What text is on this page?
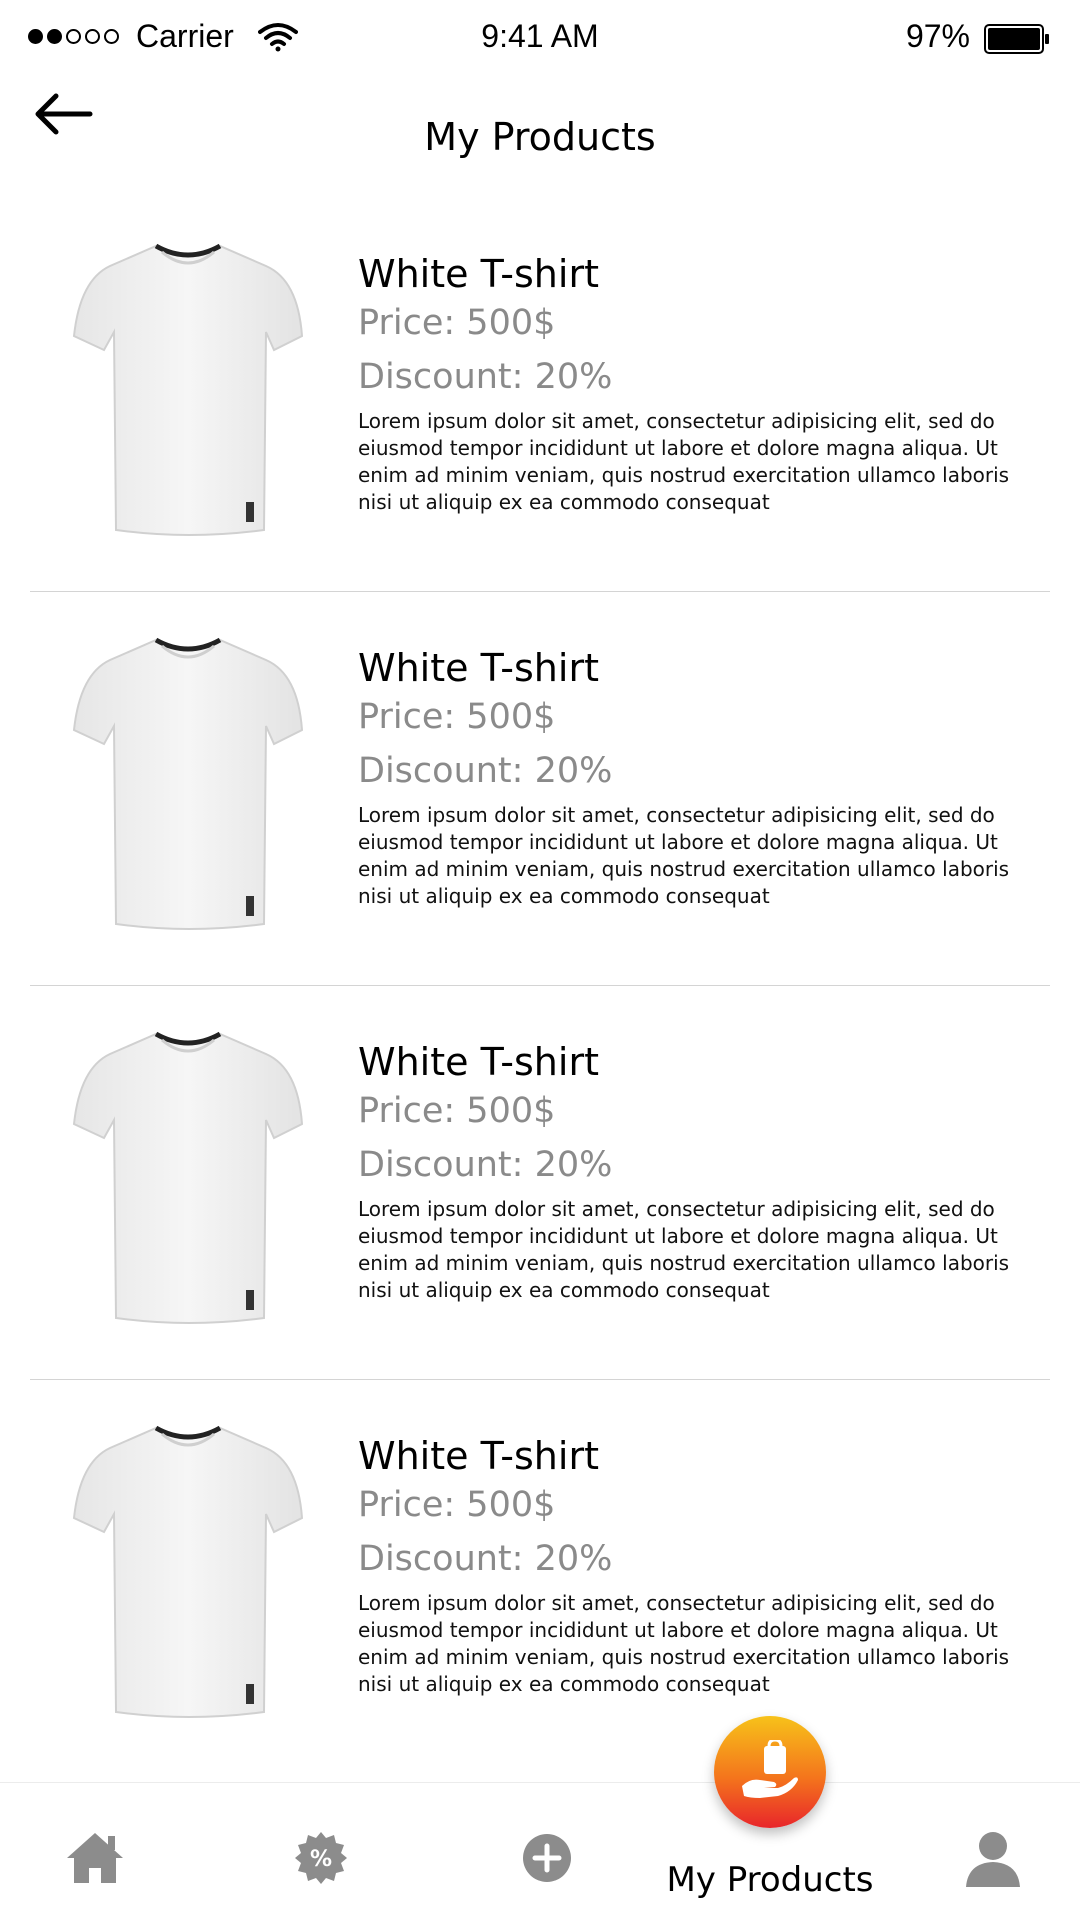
Carrier	9:41 AM	97%
My Products
White T-shirt
Price: 500$
Discount: 20%
Lorem ipsum dolor sit amet, consectetur adipisicing elit, sed do eiusmod tempor incididunt ut labore et dolore magna aliqua. Ut enim ad minim veniam, quis nostrud exercitation ullamco laboris nisi ut aliquip ex ea commodo consequat
White T-shirt
Price: 500$
Discount: 20%
Lorem ipsum dolor sit amet, consectetur adipisicing elit, sed do eiusmod tempor incididunt ut labore et dolore magna aliqua. Ut enim ad minim veniam, quis nostrud exercitation ullamco laboris nisi ut aliquip ex ea commodo consequat
White T-shirt
Price: 500$
Discount: 20%
Lorem ipsum dolor sit amet, consectetur adipisicing elit, sed do eiusmod tempor incididunt ut labore et dolore magna aliqua. Ut enim ad minim veniam, quis nostrud exercitation ullamco laboris nisi ut aliquip ex ea commodo consequat
White T-shirt
Price: 500$
Discount: 20%
Lorem ipsum dolor sit amet, consectetur adipisicing elit, sed do eiusmod tempor incididunt ut labore et dolore magna aliqua. Ut enim ad minim veniam, quis nostrud exercitation ullamco laboris nisi ut aliquip ex ea commodo consequat
%
My Products
